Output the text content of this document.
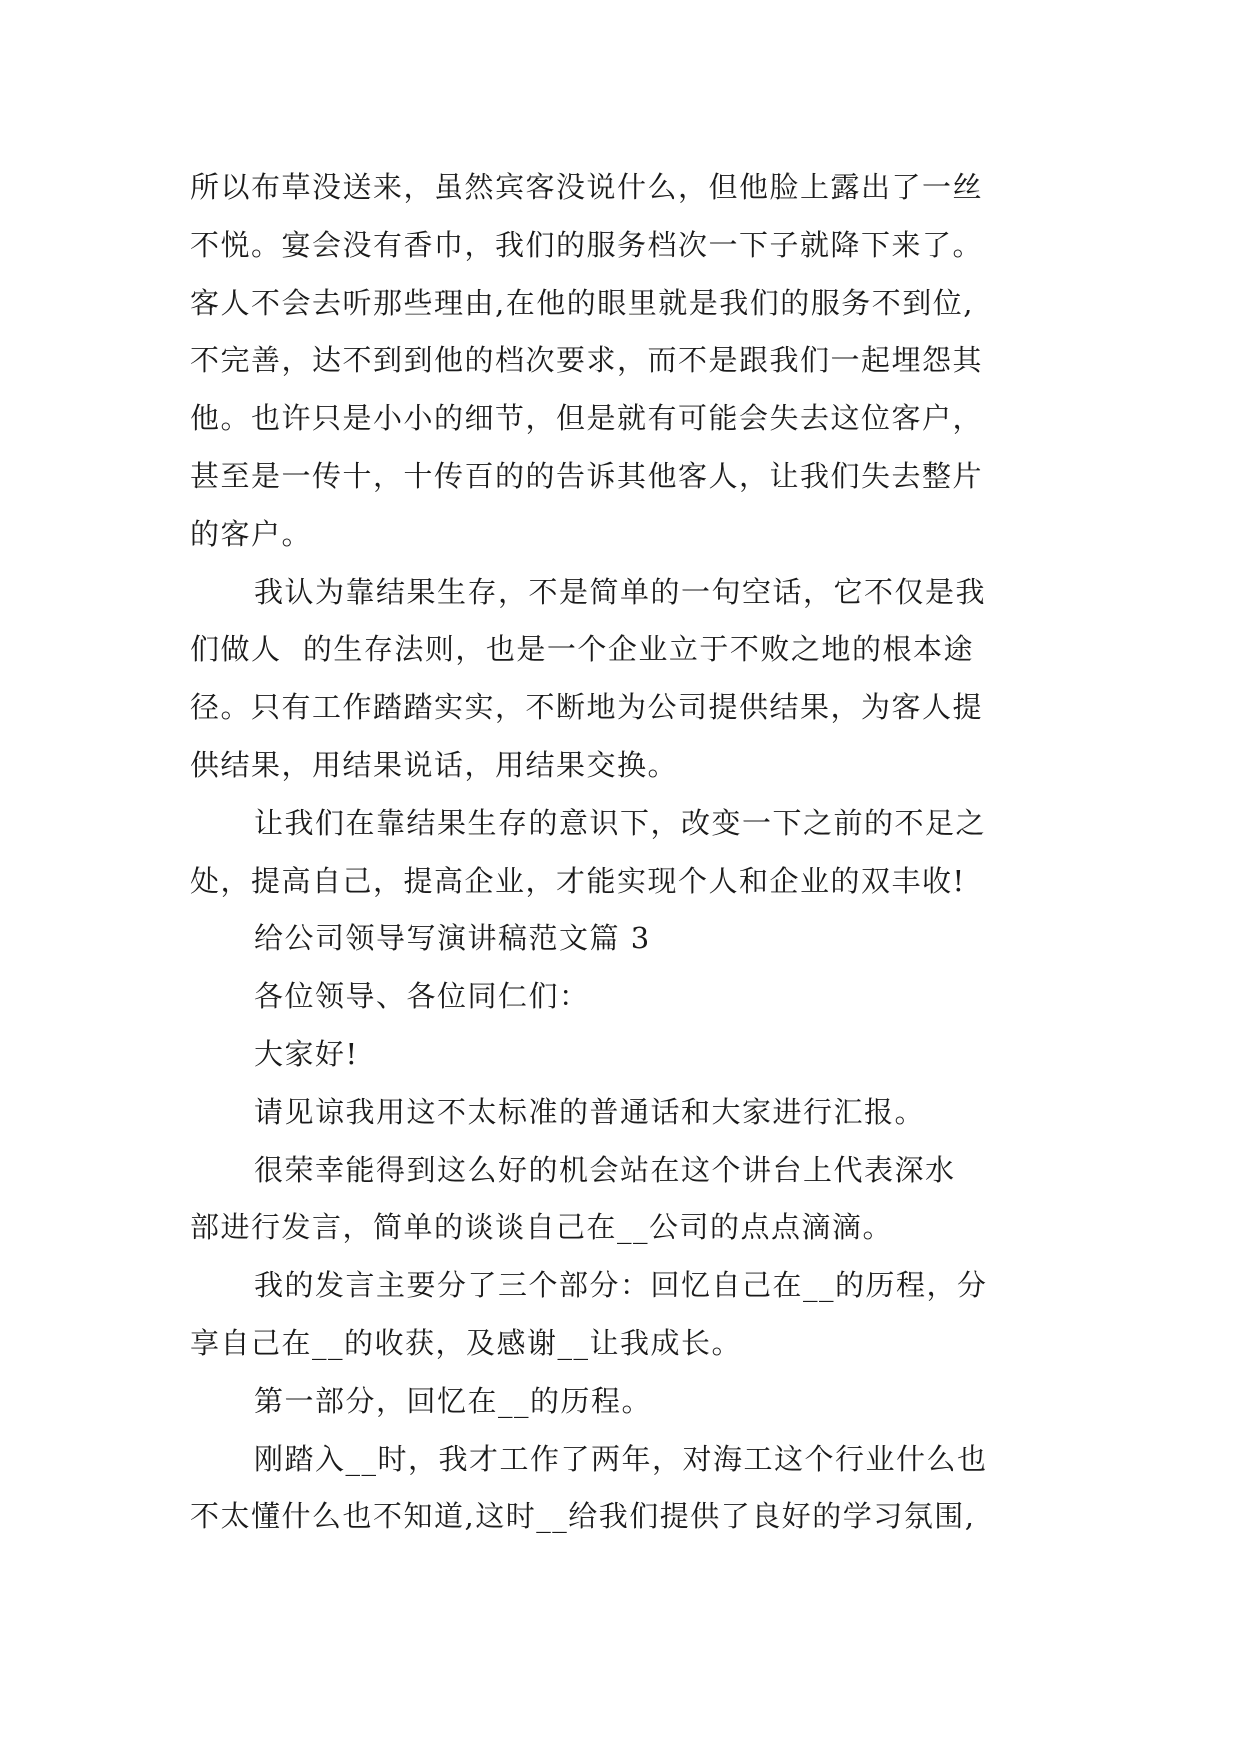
所以布草没送来，虽然宾客没说什么，但他脸上露出了一丝
不悦。宴会没有香巾，我们的服务档次一下子就降下来了。
客人不会去听那些理由,在他的眼里就是我们的服务不到位,
不完善，达不到到他的档次要求，而不是跟我们一起埋怨其
他。也许只是小小的细节，但是就有可能会失去这位客户，
甚至是一传十，十传百的的告诉其他客人，让我们失去整片
的客户。
我认为靠结果生存，不是简单的一句空话，它不仅是我
们做人  的生存法则，也是一个企业立于不败之地的根本途
径。只有工作踏踏实实，不断地为公司提供结果，为客人提
供结果，用结果说话，用结果交换。
让我们在靠结果生存的意识下，改变一下之前的不足之
处，提高自己，提高企业，才能实现个人和企业的双丰收!
给公司领导写演讲稿范文篇 3
各位领导、各位同仁们：
大家好!
请见谅我用这不太标准的普通话和大家进行汇报。
很荣幸能得到这么好的机会站在这个讲台上代表深水
部进行发言，简单的谈谈自己在__公司的点点滴滴。
我的发言主要分了三个部分：回忆自己在__的历程，分
享自己在__的收获，及感谢__让我成长。
第一部分，回忆在__的历程。
刚踏入__时，我才工作了两年，对海工这个行业什么也
不太懂什么也不知道,这时__给我们提供了良好的学习氛围,
